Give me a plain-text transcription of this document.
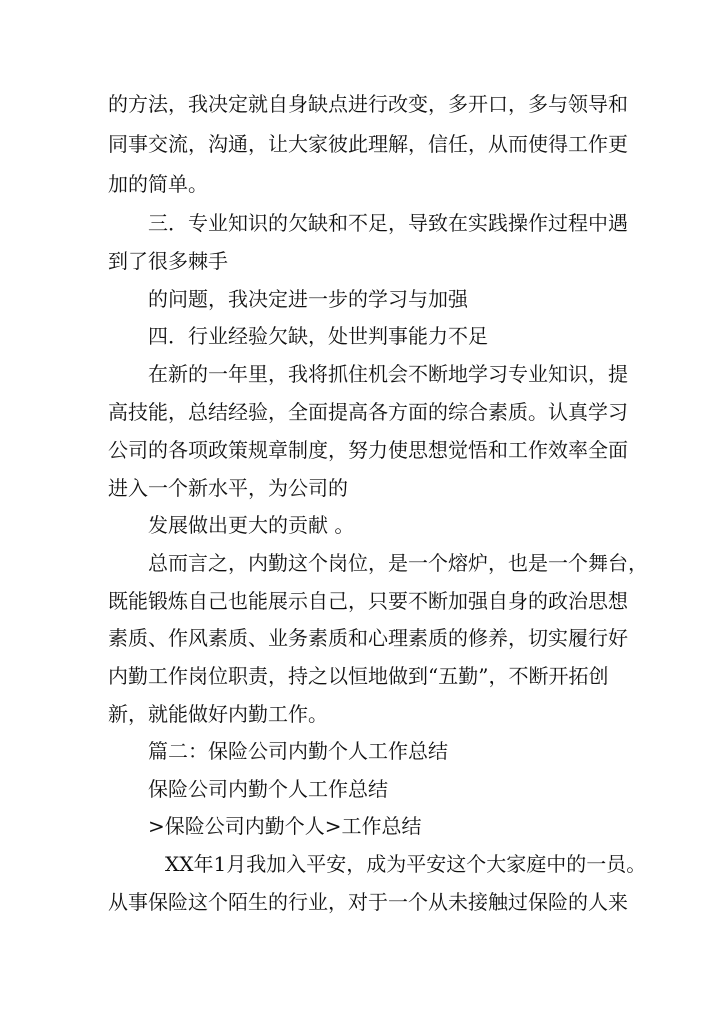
的方法，我决定就自身缺点进行改变，多开口，多与领导和
同事交流，沟通，让大家彼此理解，信任，从而使得工作更
加的简单。
三．专业知识的欠缺和不足，导致在实践操作过程中遇
到了很多棘手
的问题，我决定进一步的学习与加强
四．行业经验欠缺，处世判事能力不足
在新的一年里，我将抓住机会不断地学习专业知识，提
高技能，总结经验，全面提高各方面的综合素质。认真学习
公司的各项政策规章制度，努力使思想觉悟和工作效率全面
进入一个新水平，为公司的
发展做出更大的贡献 。
总而言之，内勤这个岗位，是一个熔炉，也是一个舞台，
既能锻炼自己也能展示自己，只要不断加强自身的政治思想
素质、作风素质、业务素质和心理素质的修养，切实履行好
内勤工作岗位职责，持之以恒地做到“五勤”，不断开拓创
新，就能做好内勤工作。
篇二：保险公司内勤个人工作总结
保险公司内勤个人工作总结
>保险公司内勤个人>工作总结
XX年1月我加入平安，成为平安这个大家庭中的一员。
从事保险这个陌生的行业，对于一个从未接触过保险的人来
